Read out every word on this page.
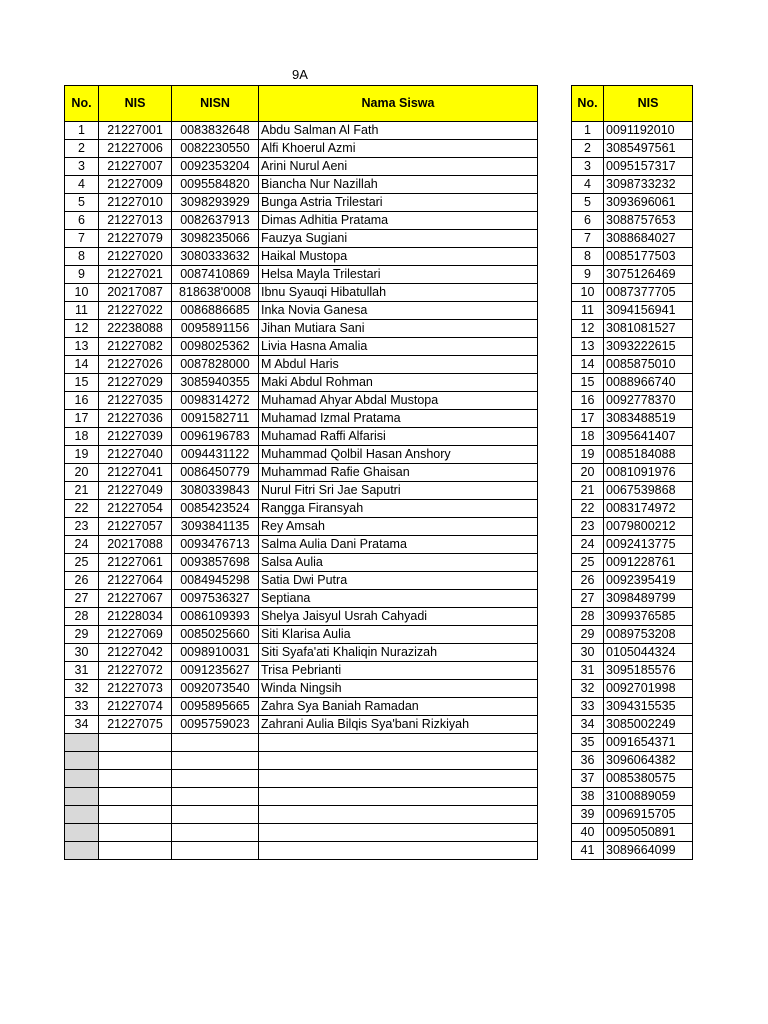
9A
No.	NIS	NISN	Nama Siswa
1	21227001	0083832648	Abdu Salman Al Fath
2	21227006	0082230550	Alfi Khoerul Azmi
3	21227007	0092353204	Arini Nurul Aeni
4	21227009	0095584820	Biancha Nur Nazillah
5	21227010	3098293929	Bunga Astria Trilestari
6	21227013	0082637913	Dimas Adhitia Pratama
7	21227079	3098235066	Fauzya Sugiani
8	21227020	3080333632	Haikal Mustopa
9	21227021	0087410869	Helsa Mayla Trilestari
10	20217087	818638'0008	Ibnu Syauqi Hibatullah
11	21227022	0086886685	Inka Novia Ganesa
12	22238088	0095891156	Jihan Mutiara Sani
13	21227082	0098025362	Livia Hasna Amalia
14	21227026	0087828000	M Abdul Haris
15	21227029	3085940355	Maki Abdul Rohman
16	21227035	0098314272	Muhamad Ahyar Abdal Mustopa
17	21227036	0091582711	Muhamad Izmal Pratama
18	21227039	0096196783	Muhamad Raffi Alfarisi
19	21227040	0094431122	Muhammad Qolbil Hasan Anshory
20	21227041	0086450779	Muhammad Rafie Ghaisan
21	21227049	3080339843	Nurul Fitri Sri Jae Saputri
22	21227054	0085423524	Rangga Firansyah
23	21227057	3093841135	Rey Amsah
24	20217088	0093476713	Salma Aulia Dani Pratama
25	21227061	0093857698	Salsa Aulia
26	21227064	0084945298	Satia Dwi Putra
27	21227067	0097536327	Septiana
28	21228034	0086109393	Shelya Jaisyul Usrah Cahyadi
29	21227069	0085025660	Siti Klarisa Aulia
30	21227042	0098910031	Siti Syafa'ati Khaliqin Nurazizah
31	21227072	0091235627	Trisa Pebrianti
32	21227073	0092073540	Winda Ningsih
33	21227074	0095895665	Zahra Sya Baniah Ramadan
34	21227075	0095759023	Zahrani Aulia Bilqis Sya'bani Rizkiyah

No.	NIS
1	0091192010
2	3085497561
3	0095157317
4	3098733232
5	3093696061
6	3088757653
7	3088684027
8	0085177503
9	3075126469
10	0087377705
11	3094156941
12	3081081527
13	3093222615
14	0085875010
15	0088966740
16	0092778370
17	3083488519
18	3095641407
19	0085184088
20	0081091976
21	0067539868
22	0083174972
23	0079800212
24	0092413775
25	0091228761
26	0092395419
27	3098489799
28	3099376585
29	0089753208
30	0105044324
31	3095185576
32	0092701998
33	3094315535
34	3085002249
35	0091654371
36	3096064382
37	0085380575
38	3100889059
39	0096915705
40	0095050891
41	3089664099
